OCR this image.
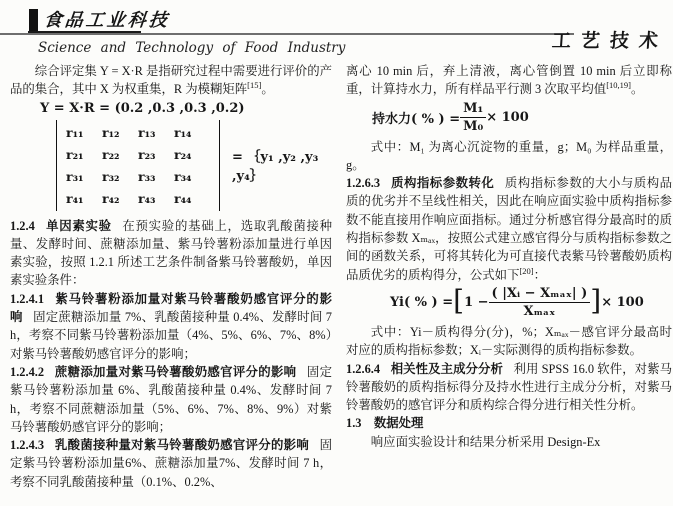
食品工业科技
工艺技术
Science and Technology of Food Industry

综合评定集 Y = X·R 是指研究过程中需要进行评价的产品的集合，其中 X 为权重集，R 为模糊矩阵[15]。

Y = X·R = (0.2 ,0.3 ,0.3 ,0.2)
r₁₁	r₁₂	r₁₃	r₁₄
r₂₁	r₂₂	r₂₃	r₂₄
r₃₁	r₃₂	r₃₃	r₃₄
r₄₁	r₄₂	r₄₃	r₄₄
= ｛y₁ ,y₂ ,y₃ ,y₄｝

1.2.4 单因素实验 在预实验的基础上，选取乳酸菌接种量、发酵时间、蔗糖添加量、紫马铃薯粉添加量进行单因素实验，按照 1.2.1 所述工艺条件制备紫马铃薯酸奶，单因素实验条件：

1.2.4.1 紫马铃薯粉添加量对紫马铃薯酸奶感官评分的影响 固定蔗糖添加量 7%、乳酸菌接种量 0.4%、发酵时间 7 h，考察不同紫马铃薯粉添加量（4%、5%、6%、7%、8%）对紫马铃薯酸奶感官评分的影响；

1.2.4.2 蔗糖添加量对紫马铃薯酸奶感官评分的影响 固定紫马铃薯粉添加量 6%、乳酸菌接种量 0.4%、发酵时间 7 h，考察不同蔗糖添加量（5%、6%、7%、8%、9%）对紫马铃薯酸奶感官评分的影响；

1.2.4.3 乳酸菌接种量对紫马铃薯酸奶感官评分的影响 固定紫马铃薯粉添加量6%、蔗糖添加量7%、发酵时间 7 h，考察不同乳酸菌接种量（0.1%、0.2%、

离心 10 min 后，弃上清液，离心管倒置 10 min 后立即称重，计算持水力，所有样品平行测 3 次取平均值[10,19]。

持水力( % ) = $\frac{\text{M₁}}{\text{M₀}} \times 100$

式中：M₁ 为离心沉淀物的重量，g；M₀ 为样品重量，g。

1.2.6.3 质构指标参数转化 质构指标参数的大小与质构品质的优劣并不呈线性相关，因此在响应面实验中质构指标参数不能直接用作响应面指标。通过分析感官得分最高时的质构指标参数 Xₘₐₓ，按照公式建立感官得分与质构指标参数之间的函数关系，可将其转化为可直接代表紫马铃薯酸奶质构品质优劣的质构得分，公式如下[20]：

Yi( % ) = [ $1 - \frac{\text{( |Xᵢ − Xₘₐₓ| )}}{\text{Xₘₐₓ}}$ ] × 100

式中：Yi－质构得分(分)，%；Xₘₐₓ－感官评分最高时对应的质构指标参数；Xᵢ－实际测得的质构指标参数。

1.2.6.4 相关性及主成分分析 利用 SPSS 16.0 软件，对紫马铃薯酸奶的质构指标得分及持水性进行主成分分析，对紫马铃薯酸奶的感官评分和质构综合得分进行相关性分析。

1.3 数据处理

响应面实验设计和结果分析采用 Design-Ex
